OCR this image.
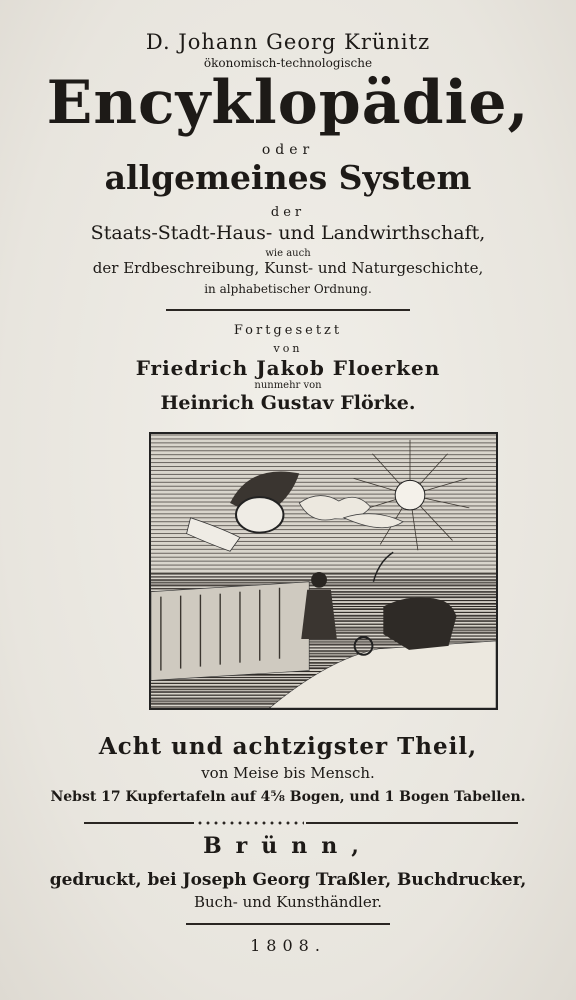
D. Johann Georg Krünitz
ökonomisch-technologische
Encyklopädie,
oder
allgemeines System
der
Staats-Stadt-Haus- und Landwirthschaft,
wie auch
der Erdbeschreibung, Kunst- und Naturgeschichte,
in alphabetischer Ordnung.
Fortgesetzt
von
Friedrich Jakob Floerken
nunmehr von
Heinrich Gustav Flörke.
Acht und achtzigster Theil,
von Meise bis Mensch.
Nebst 17 Kupfertafeln auf 4⅝ Bogen, und 1 Bogen Tabellen.
Brünn,
gedruckt, bei Joseph Georg Traßler, Buchdrucker,
Buch- und Kunsthändler.
1808.
